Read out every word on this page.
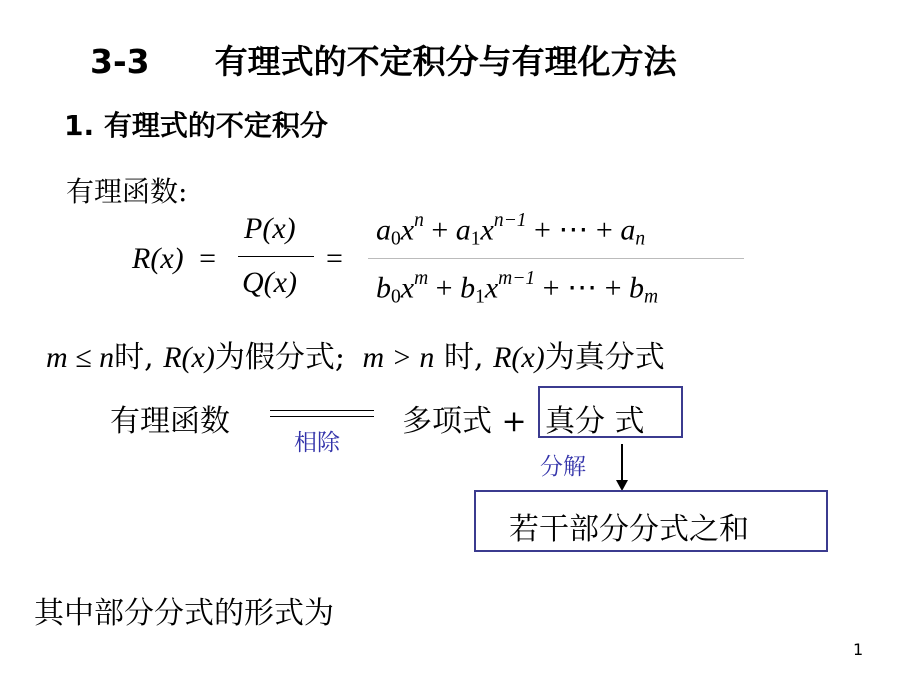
3-3 有理式的不定积分与有理化方法
1. 有理式的不定积分
有理函数:
R(x) =
P(x)
Q(x)
=
$a_0x^n + a_1x^{n-1}$ + ⋯ + $a_n$
$b_0x^m + b_1x^{m-1}$ + ⋯ + $b_m$
m ≤ n时, R(x)为假分式; m > n 时, R(x)为真分式
有理函数
相除
多项式 + 真分 式
分解
若干部分分式之和
其中部分分式的形式为
1
